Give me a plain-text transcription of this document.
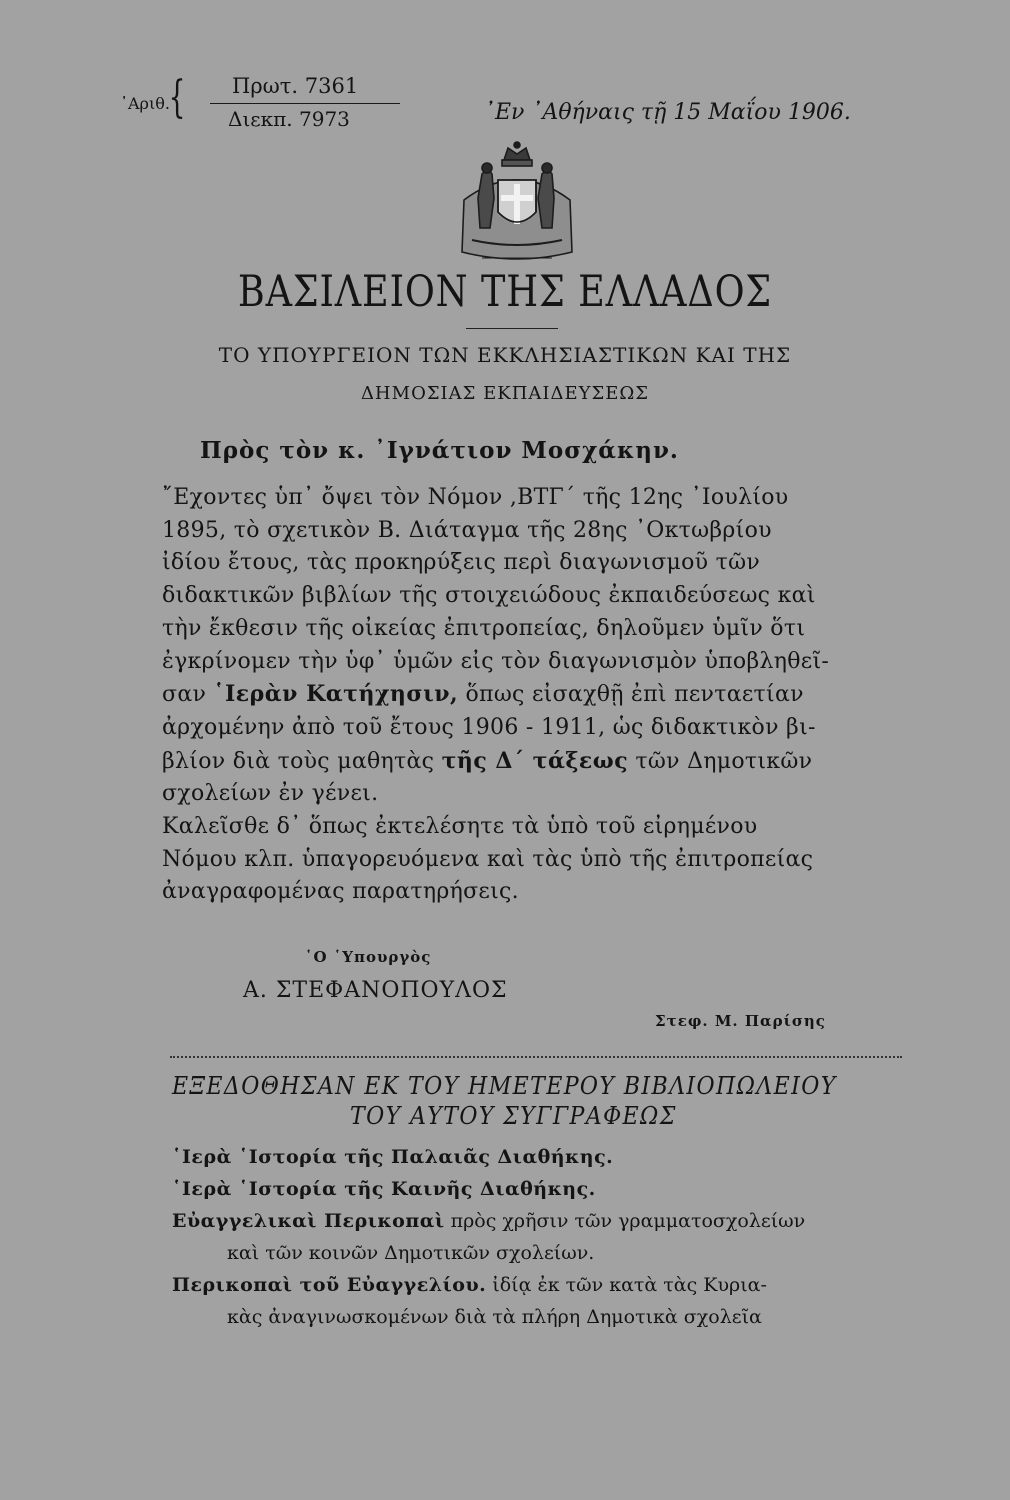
᾿Αριθ.
{ Πρωτ. 7361
Διεκπ. 7973	᾿Εν ᾿Αθήναις τῇ 15 Μαΐου 1906.
ΒΑΣΙΛΕΙΟΝ ΤΗΣ ΕΛΛΑΔΟΣ
ΤΟ ΥΠΟΥΡΓΕΙΟΝ ΤΩΝ ΕΚΚΛΗΣΙΑΣΤΙΚΩΝ ΚΑΙ ΤΗΣ
ΔΗΜΟΣΙΑΣ ΕΚΠΑΙΔΕΥΣΕΩΣ
Πρὸς τὸν κ. ᾿Ιγνάτιον Μοσχάκην.
῎Εχοντες ὑπ᾿ ὄψει τὸν Νόμον ,ΒΤΓ΄ τῆς 12ης ᾿Ιουλίου
1895, τὸ σχετικὸν Β. Διάταγμα τῆς 28ης ᾿Οκτωβρίου
ἰδίου ἔτους, τὰς προκηρύξεις περὶ διαγωνισμοῦ τῶν
διδακτικῶν βιβλίων τῆς στοιχειώδους ἐκπαιδεύσεως καὶ
τὴν ἔκθεσιν τῆς οἰκείας ἐπιτροπείας, δηλοῦμεν ὑμῖν ὅτι
ἐγκρίνομεν τὴν ὑφ᾿ ὑμῶν εἰς τὸν διαγωνισμὸν ὑποβληθεῖ-
σαν ῾Ιερὰν Κατήχησιν, ὅπως εἰσαχθῇ ἐπὶ πενταετίαν
ἀρχομένην ἀπὸ τοῦ ἔτους 1906 - 1911, ὡς διδακτικὸν βι-
βλίον διὰ τοὺς μαθητὰς τῆς Δ΄ τάξεως τῶν Δημοτικῶν
σχολείων ἐν γένει.
Καλεῖσθε δ᾿ ὅπως ἐκτελέσητε τὰ ὑπὸ τοῦ εἰρημένου
Νόμου κλπ. ὑπαγορευόμενα καὶ τὰς ὑπὸ τῆς ἐπιτροπείας
ἀναγραφομένας παρατηρήσεις.
῾Ο ῾Υπουργὸς
Α. ΣΤΕΦΑΝΟΠΟΥΛΟΣ
Στεφ. Μ. Παρίσης
ΕΞΕΔΟΘΗΣΑΝ ΕΚ ΤΟΥ ΗΜΕΤΕΡΟΥ ΒΙΒΛΙΟΠΩΛΕΙΟΥ
ΤΟΥ ΑΥΤΟΥ ΣΥΓΓΡΑΦΕΩΣ
῾Ιερὰ ῾Ιστορία τῆς Παλαιᾶς Διαθήκης.
῾Ιερὰ ῾Ιστορία τῆς Καινῆς Διαθήκης.
Εὐαγγελικαὶ Περικοπαὶ πρὸς χρῆσιν τῶν γραμματοσχολείων
καὶ τῶν κοινῶν Δημοτικῶν σχολείων.
Περικοπαὶ τοῦ Εὐαγγελίου. ἰδίᾳ ἐκ τῶν κατὰ τὰς Κυρια-
κὰς ἀναγινωσκομένων διὰ τὰ πλήρη Δημοτικὰ σχολεῖα
